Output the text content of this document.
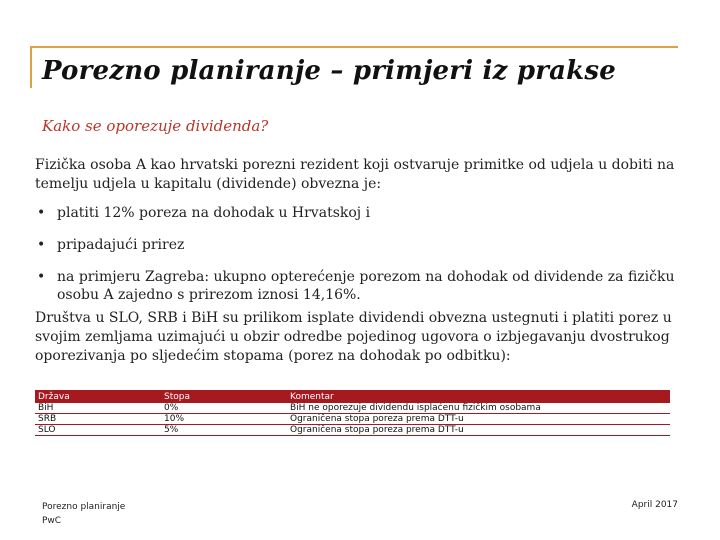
Porezno planiranje – primjeri iz prakse
Kako se oporezuje dividenda?
Fizička osoba A kao hrvatski porezni rezident koji ostvaruje primitke od udjela u dobiti na temelju udjela u kapitalu (dividende) obvezna je:
• platiti 12% poreza na dohodak u Hrvatskoj i
• pripadajući prirez
• na primjeru Zagreba: ukupno opterećenje porezom na dohodak od dividende za fizičku osobu A zajedno s prirezom iznosi 14,16%.
Društva u SLO, SRB i BiH su prilikom isplate dividendi obvezna ustegnuti i platiti porez u svojim zemljama uzimajući u obzir odredbe pojedinog ugovora o izbjegavanju dvostrukog oporezivanja po sljedećim stopama (porez na dohodak po odbitku):
Država	Stopa	Komentar
BiH	0%	BiH ne oporezuje dividendu isplaćenu fizičkim osobama
SRB	10%	Ograničena stopa poreza prema DTT-u
SLO	5%	Ograničena stopa poreza prema DTT-u
Porezno planiranje
PwC
April 2017
